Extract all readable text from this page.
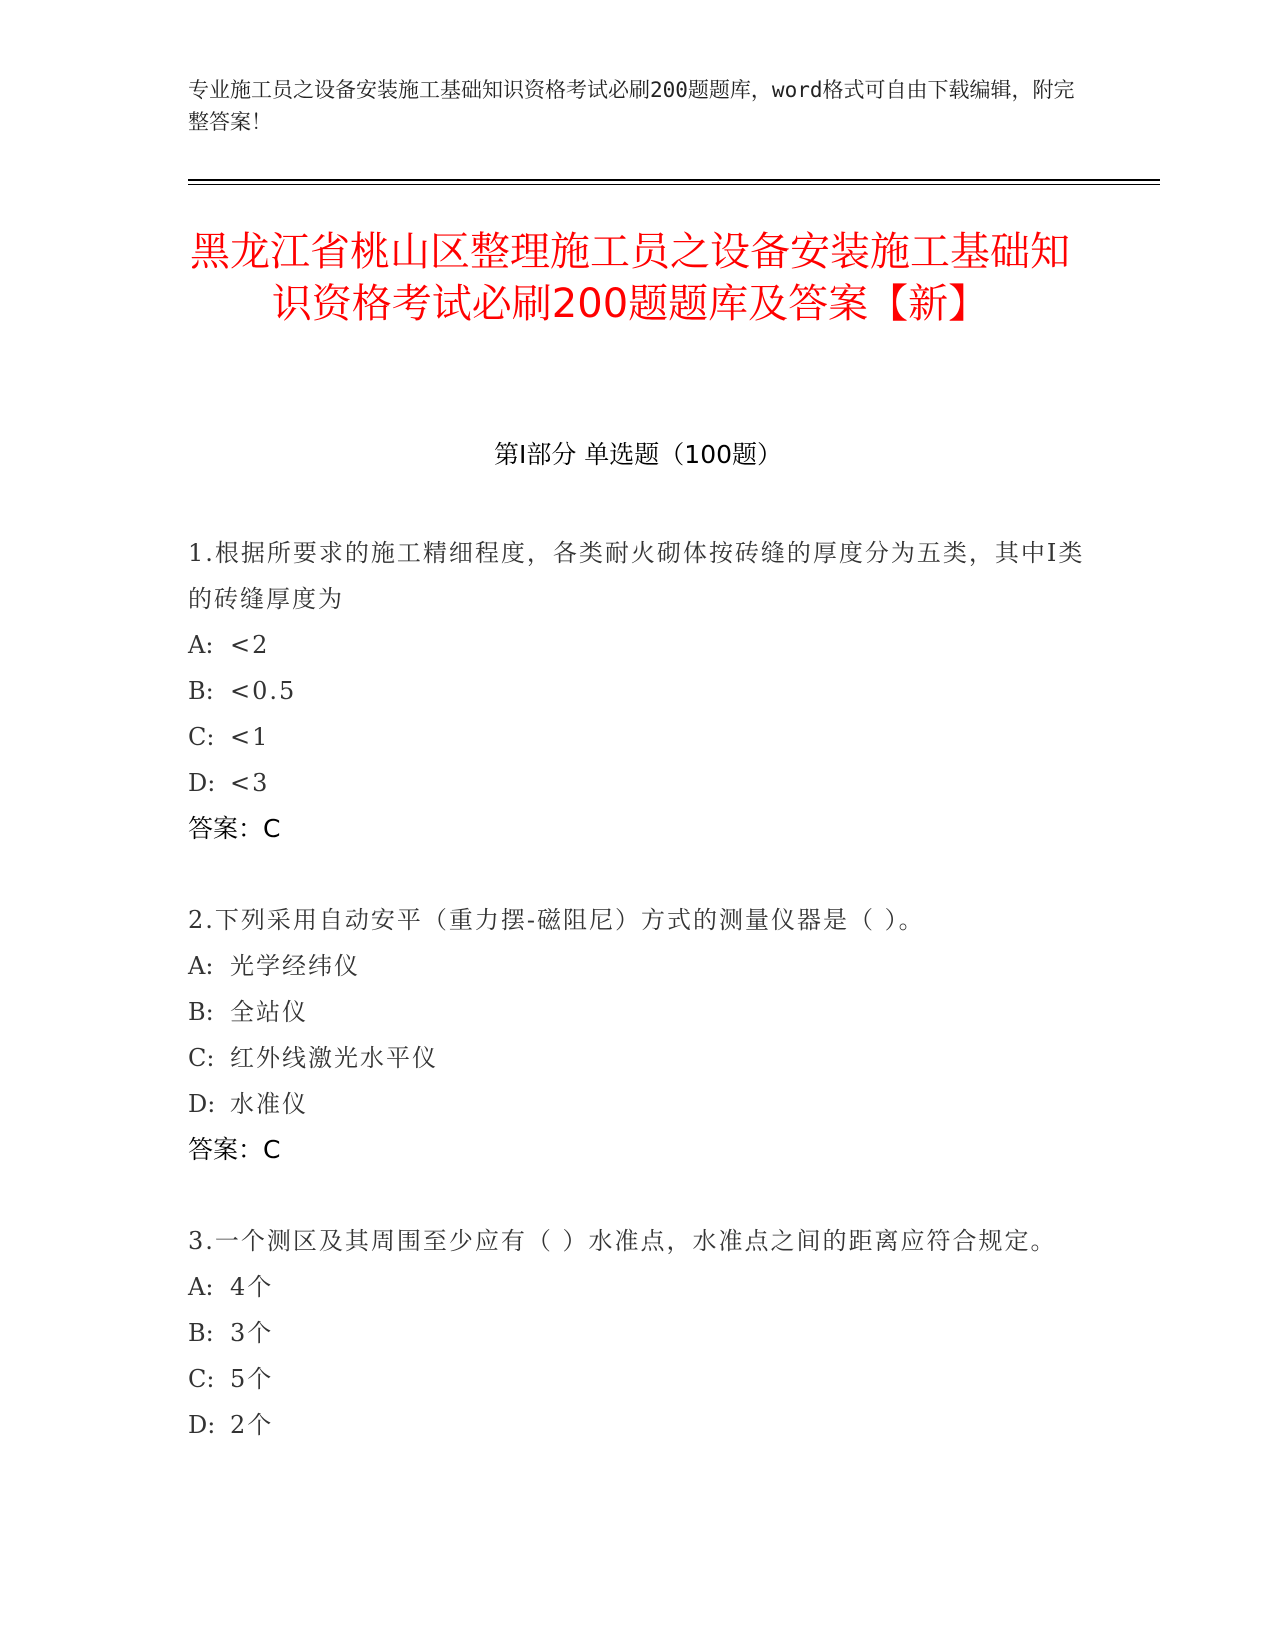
专业施工员之设备安装施工基础知识资格考试必刷200题题库，word格式可自由下载编辑，附完整答案！
黑龙江省桃山区整理施工员之设备安装施工基础知识资格考试必刷200题题库及答案【新】
第I部分 单选题（100题）
1.根据所要求的施工精细程度，各类耐火砌体按砖缝的厚度分为五类，其中Ⅰ类的砖缝厚度为
A: <2
B: <0.5
C: <1
D: <3
答案：C
2.下列采用自动安平（重力摆-磁阻尼）方式的测量仪器是（ ）。
A: 光学经纬仪
B: 全站仪
C: 红外线激光水平仪
D: 水准仪
答案：C
3.一个测区及其周围至少应有（ ）水准点，水准点之间的距离应符合规定。
A: 4个
B: 3个
C: 5个
D: 2个
